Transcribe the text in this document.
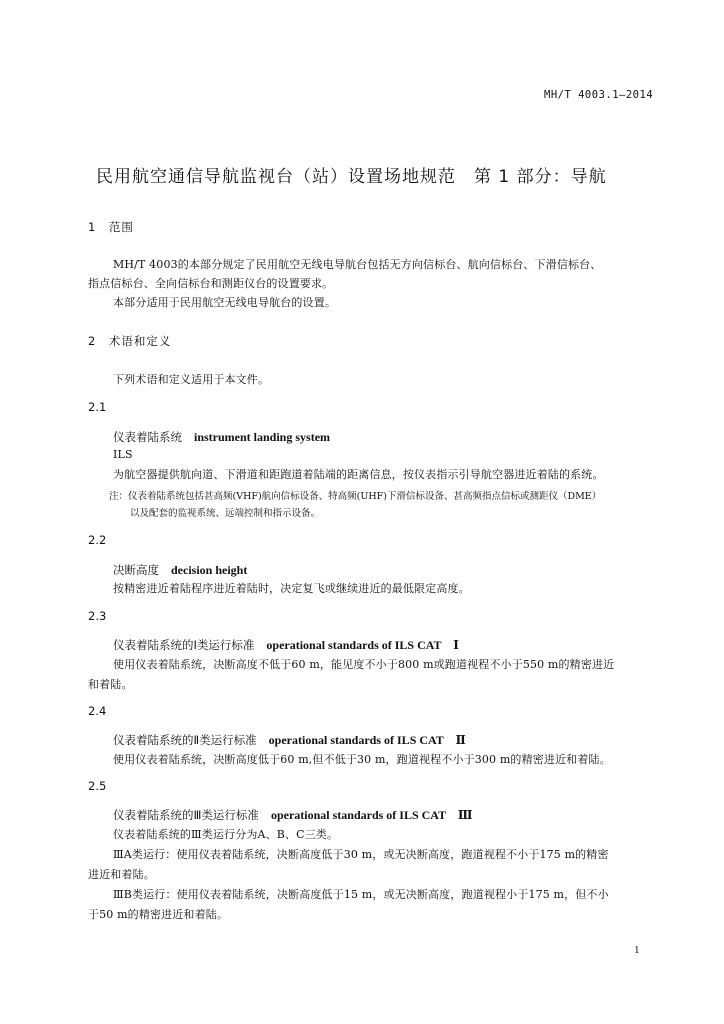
MH/T 4003.1—2014
民用航空通信导航监视台（站）设置场地规范　第 1 部分：导航
1　范围
MH/T 4003的本部分规定了民用航空无线电导航台包括无方向信标台、航向信标台、下滑信标台、
指点信标台、全向信标台和测距仪台的设置要求。
本部分适用于民用航空无线电导航台的设置。
2　术语和定义
下列术语和定义适用于本文件。
2.1
仪表着陆系统 instrument landing system
ILS
为航空器提供航向道、下滑道和距跑道着陆端的距离信息，按仪表指示引导航空器进近着陆的系统。
注：仪表着陆系统包括甚高频(VHF)航向信标设备、特高频(UHF)下滑信标设备、甚高频指点信标或测距仪（DME）
以及配套的监视系统、远端控制和指示设备。
2.2
决断高度 decision height
按精密进近着陆程序进近着陆时，决定复飞或继续进近的最低限定高度。
2.3
仪表着陆系统的Ⅰ类运行标准 operational standards of ILS CAT　Ⅰ
使用仪表着陆系统，决断高度不低于60 m，能见度不小于800 m或跑道视程不小于550 m的精密进近
和着陆。
2.4
仪表着陆系统的Ⅱ类运行标准 operational standards of ILS CAT　Ⅱ
使用仪表着陆系统，决断高度低于60 m,但不低于30 m，跑道视程不小于300 m的精密进近和着陆。
2.5
仪表着陆系统的Ⅲ类运行标准 operational standards of ILS CAT　Ⅲ
仪表着陆系统的Ⅲ类运行分为A、B、C三类。
ⅢA类运行：使用仪表着陆系统，决断高度低于30 m，或无决断高度，跑道视程不小于175 m的精密
进近和着陆。
ⅢB类运行：使用仪表着陆系统，决断高度低于15 m，或无决断高度，跑道视程小于175 m，但不小
于50 m的精密进近和着陆。
1
